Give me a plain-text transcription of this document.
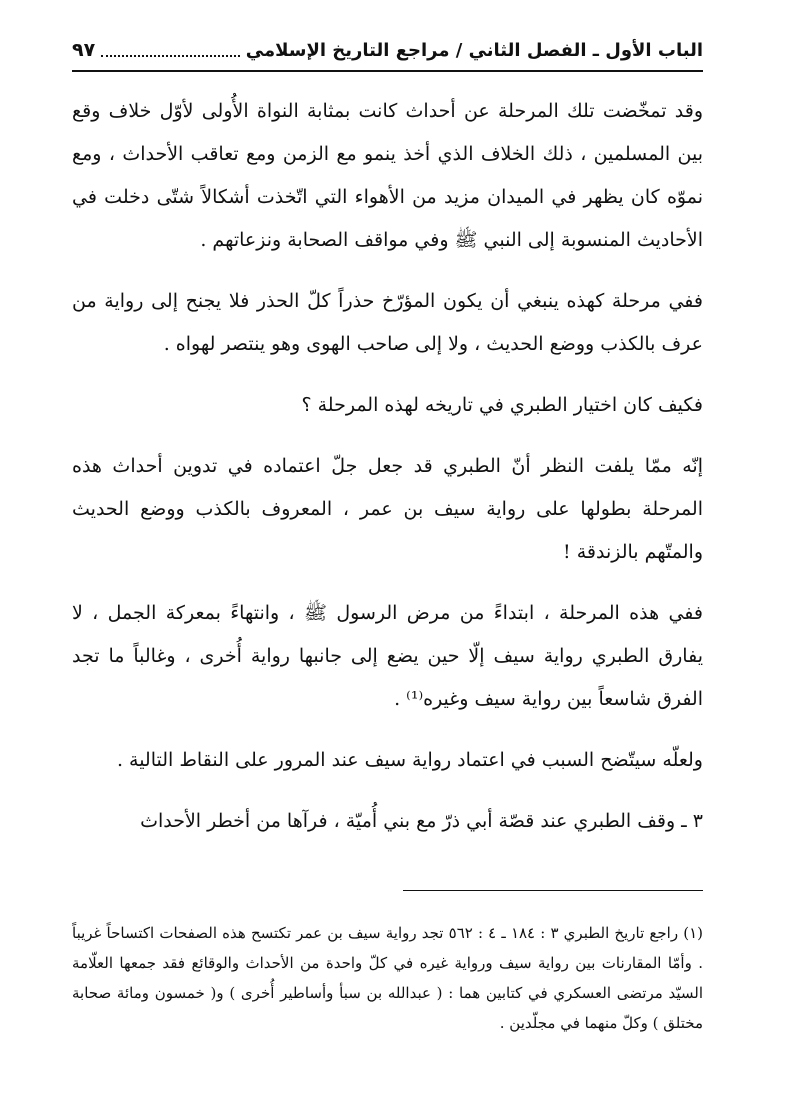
الباب الأول ـ الفصل الثاني / مراجع التاريخ الإسلامي
٩٧

وقد تمخّضت تلك المرحلة عن أحداث كانت بمثابة النواة الأُولى لأوّل خلاف وقع بين المسلمين ، ذلك الخلاف الذي أخذ ينمو مع الزمن ومع تعاقب الأحداث ، ومع نموّه كان يظهر في الميدان مزيد من الأهواء التي اتّخذت أشكالاً شتّى دخلت في الأحاديث المنسوبة إلى النبي ﷺ وفي مواقف الصحابة ونزعاتهم .

ففي مرحلة كهذه ينبغي أن يكون المؤرّخ حذراً كلّ الحذر فلا يجنح إلى رواية من عرف بالكذب ووضع الحديث ، ولا إلى صاحب الهوى وهو ينتصر لهواه .

فكيف كان اختيار الطبري في تاريخه لهذه المرحلة ؟

إنّه ممّا يلفت النظر أنّ الطبري قد جعل جلّ اعتماده في تدوين أحداث هذه المرحلة بطولها على رواية سيف بن عمر ، المعروف بالكذب ووضع الحديث والمتّهم بالزندقة !

ففي هذه المرحلة ، ابتداءً من مرض الرسول ﷺ ، وانتهاءً بمعركة الجمل ، لا يفارق الطبري رواية سيف إلّا حين يضع إلى جانبها رواية أُخرى ، وغالباً ما تجد الفرق شاسعاً بين رواية سيف وغيره⁽¹⁾ .

ولعلّه سيتّضح السبب في اعتماد رواية سيف عند المرور على النقاط التالية .

٣ ـ وقف الطبري عند قصّة أبي ذرّ مع بني أُميّة ، فرآها من أخطر الأحداث

(١) راجع تاريخ الطبري ٣ : ١٨٤ ـ ٤ : ٥٦٢ تجد رواية سيف بن عمر تكتسح هذه الصفحات اكتساحاً غريباً . وأمّا المقارنات بين رواية سيف ورواية غيره في كلّ واحدة من الأحداث والوقائع فقد جمعها العلّامة السيّد مرتضى العسكري في كتابين هما : ( عبدالله بن سبأ وأساطير أُخرى ) و( خمسون ومائة صحابة مختلق ) وكلّ منهما في مجلّدين .
